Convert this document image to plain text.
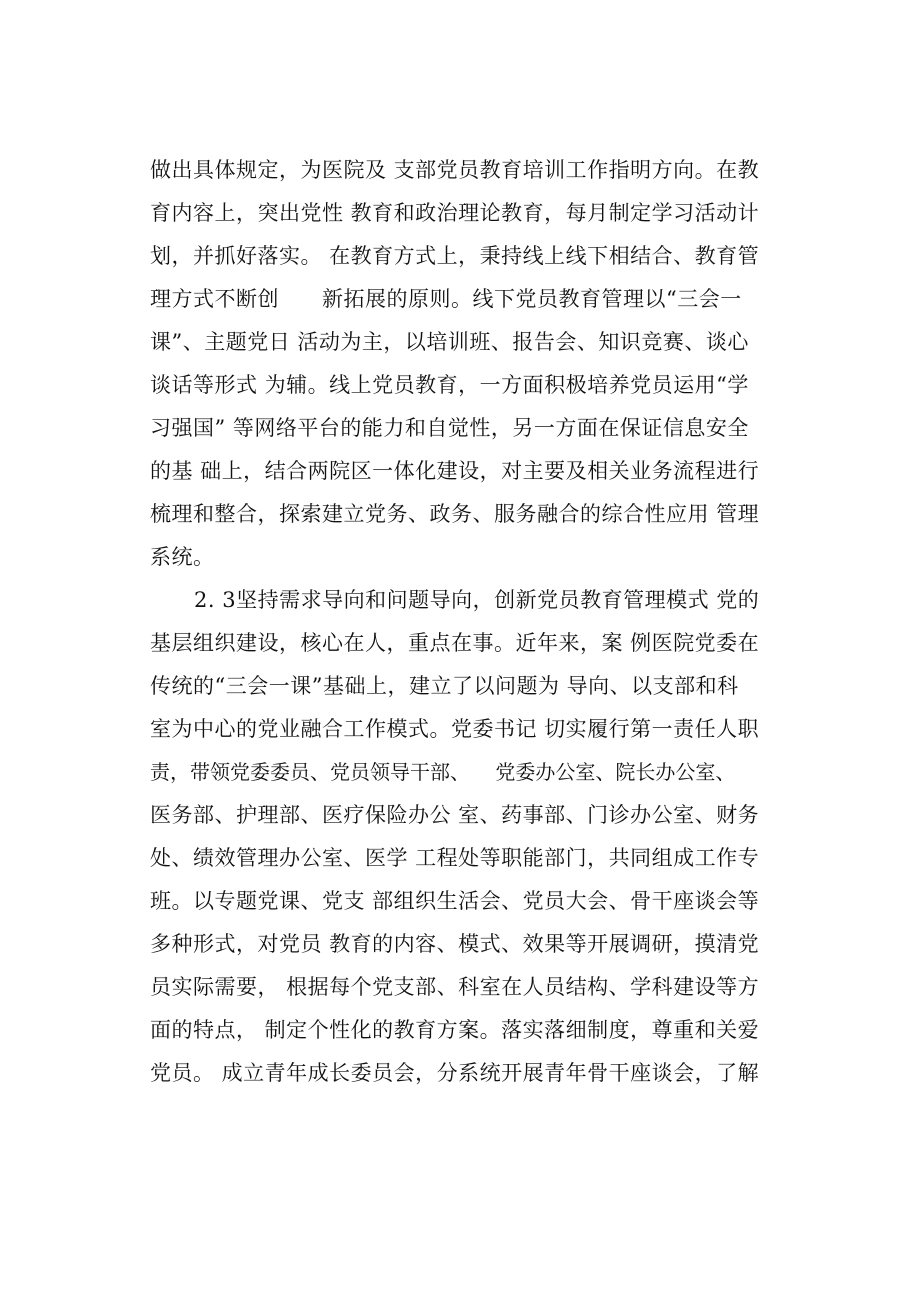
做出具体规定，为医院及 支部党员教育培训工作指明方向。在教
育内容上，突出党性 教育和政治理论教育，每月制定学习活动计
划，并抓好落实。 在教育方式上，秉持线上线下相结合、教育管
理方式不断创      新拓展的原则。线下党员教育管理以“三会一
课”、主题党日 活动为主，以培训班、报告会、知识竞赛、谈心
谈话等形式 为辅。线上党员教育，一方面积极培养党员运用“学
习强国” 等网络平台的能力和自觉性，另一方面在保证信息安全
的基 础上，结合两院区一体化建设，对主要及相关业务流程进行
梳理和整合，探索建立党务、政务、服务融合的综合性应用 管理
系统。
2. 3坚持需求导向和问题导向，创新党员教育管理模式 党的
基层组织建设，核心在人，重点在事。近年来，案 例医院党委在
传统的“三会一课”基础上，建立了以问题为 导向、以支部和科
室为中心的党业融合工作模式。党委书记 切实履行第一责任人职
责，带领党委委员、党员领导干部、    党委办公室、院长办公室、
医务部、护理部、医疗保险办公 室、药事部、门诊办公室、财务
处、绩效管理办公室、医学 工程处等职能部门，共同组成工作专
班。以专题党课、党支 部组织生活会、党员大会、骨干座谈会等
多种形式，对党员 教育的内容、模式、效果等开展调研，摸清党
员实际需要， 根据每个党支部、科室在人员结构、学科建设等方
面的特点， 制定个性化的教育方案。落实落细制度，尊重和关爱
党员。 成立青年成长委员会，分系统开展青年骨干座谈会，了解
